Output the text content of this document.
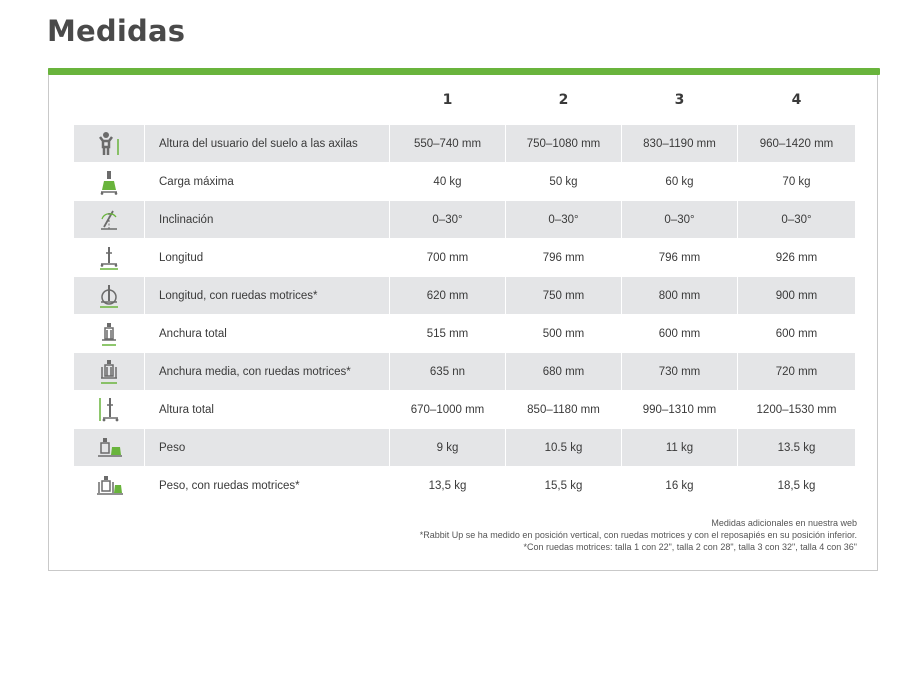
Medidas
1	2	3	4
Altura del usuario del suelo a las axilas	550–740 mm	750–1080 mm	830–1190 mm	960–1420 mm
Carga máxima	40 kg	50 kg	60 kg	70 kg
Inclinación	0–30°	0–30°	0–30°	0–30°
Longitud	700 mm	796 mm	796 mm	926 mm
Longitud, con ruedas motrices*	620 mm	750 mm	800 mm	900 mm
Anchura total	515 mm	500 mm	600 mm	600 mm
Anchura media, con ruedas motrices*	635 nn	680 mm	730 mm	720 mm
Altura total	670–1000 mm	850–1180 mm	990–1310 mm	1200–1530 mm
Peso	9 kg	10.5 kg	11 kg	13.5 kg
Peso, con ruedas motrices*	13,5 kg	15,5 kg	16 kg	18,5 kg
Medidas adicionales en nuestra web
*Rabbit Up se ha medido en posición vertical, con ruedas motrices y con el reposapiés en su posición inferior.
*Con ruedas motrices: talla 1 con 22", talla 2 con 28", talla 3 con 32", talla 4 con 36"
